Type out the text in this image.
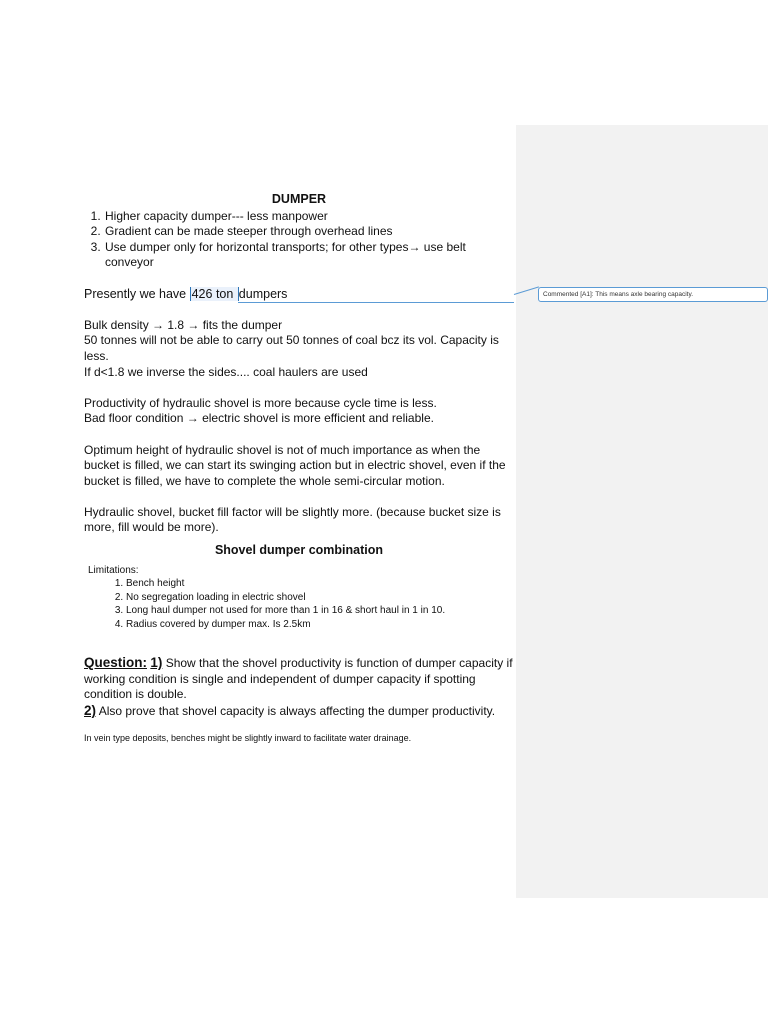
Commented [A1]: This means axle bearing capacity.
DUMPER
1. Higher capacity dumper--- less manpower
2. Gradient can be made steeper through overhead lines
3. Use dumper only for horizontal transports; for other types→ use belt conveyor

Presently we have 426 ton dumpers

Bulk density → 1.8 → fits the dumper

50 tonnes will not be able to carry out 50 tonnes of coal bcz its vol. Capacity is less.

If d<1.8 we inverse the sides.... coal haulers are used

Productivity of hydraulic shovel is more because cycle time is less.

Bad floor condition → electric shovel is more efficient and reliable.

Optimum height of hydraulic shovel is not of much importance as when the bucket is filled, we can start its swinging action but in electric shovel, even if the bucket is filled, we have to complete the whole semi-circular motion.

Hydraulic shovel, bucket fill factor will be slightly more. (because bucket size is more, fill would be more).

Shovel dumper combination
Limitations:
1. Bench height
2. No segregation loading in electric shovel
3. Long haul dumper not used for more than 1 in 16 & short haul in 1 in 10.
4. Radius covered by dumper max. Is 2.5km

Question: 1) Show that the shovel productivity is function of dumper capacity if working condition is single and independent of dumper capacity if spotting condition is double.

2) Also prove that shovel capacity is always affecting the dumper productivity.

In vein type deposits, benches might be slightly inward to facilitate water drainage.
